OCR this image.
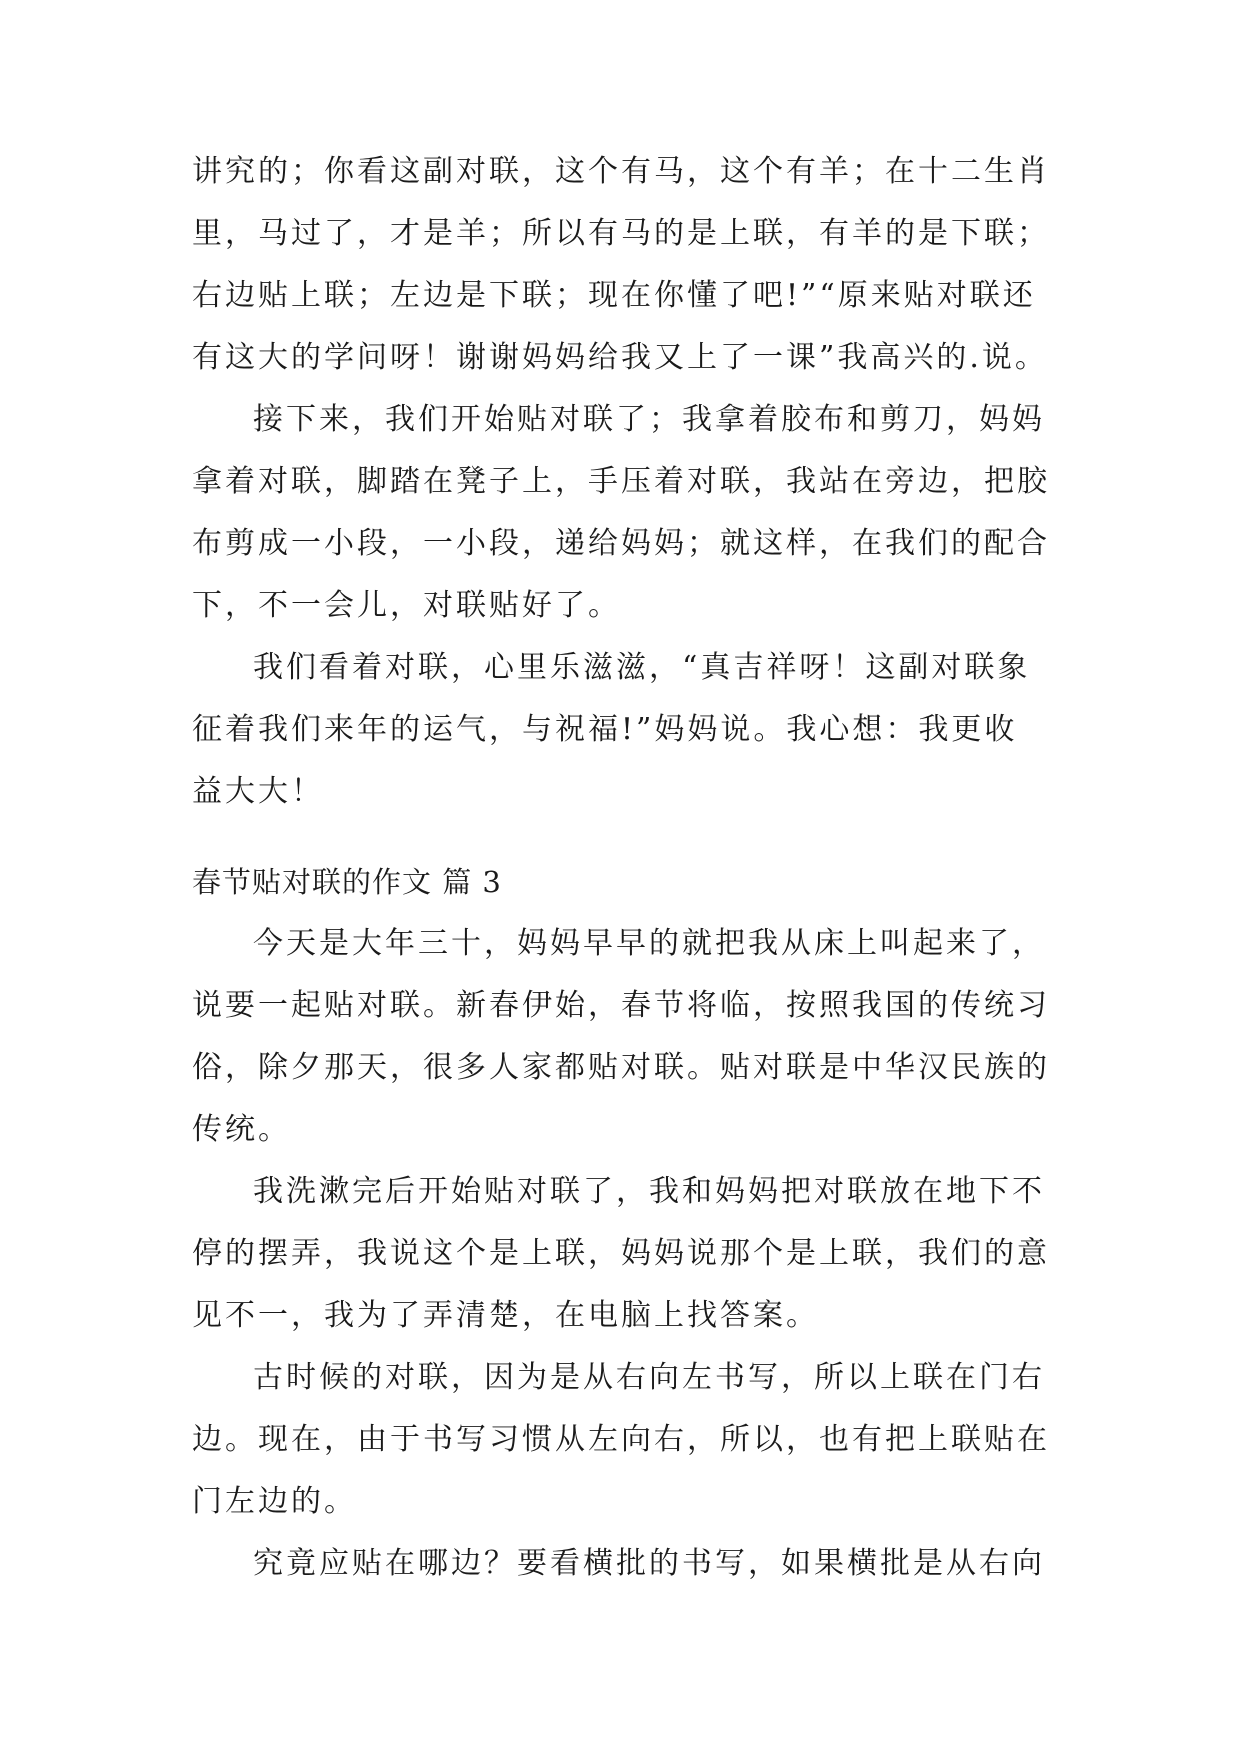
讲究的；你看这副对联，这个有马，这个有羊；在十二生肖
里，马过了，才是羊；所以有马的是上联，有羊的是下联；
右边贴上联；左边是下联；现在你懂了吧!”“原来贴对联还
有这大的学问呀！谢谢妈妈给我又上了一课”我高兴的.说。
接下来，我们开始贴对联了；我拿着胶布和剪刀，妈妈
拿着对联，脚踏在凳子上，手压着对联，我站在旁边，把胶
布剪成一小段，一小段，递给妈妈；就这样，在我们的配合
下，不一会儿，对联贴好了。
我们看着对联，心里乐滋滋，“真吉祥呀！这副对联象
征着我们来年的运气，与祝福!”妈妈说。我心想：我更收
益大大！
春节贴对联的作文 篇 3
今天是大年三十，妈妈早早的就把我从床上叫起来了，
说要一起贴对联。新春伊始，春节将临，按照我国的传统习
俗，除夕那天，很多人家都贴对联。贴对联是中华汉民族的
传统。
我洗漱完后开始贴对联了，我和妈妈把对联放在地下不
停的摆弄，我说这个是上联，妈妈说那个是上联，我们的意
见不一，我为了弄清楚，在电脑上找答案。
古时候的对联，因为是从右向左书写，所以上联在门右
边。现在，由于书写习惯从左向右，所以，也有把上联贴在
门左边的。
究竟应贴在哪边？要看横批的书写，如果横批是从右向
